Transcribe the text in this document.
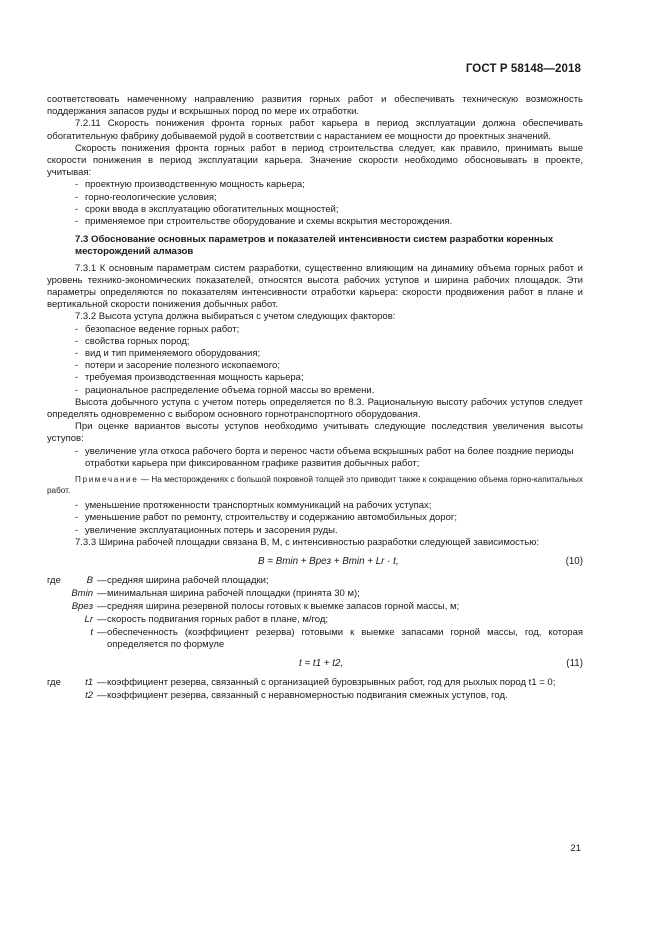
ГОСТ Р 58148—2018

соответствовать намеченному направлению развития горных работ и обеспечивать техническую возможность поддержания запасов руды и вскрышных пород по мере их отработки.

7.2.11 Скорость понижения фронта горных работ карьера в период эксплуатации должна обеспечивать обогатительную фабрику добываемой рудой в соответствии с нарастанием ее мощности до проектных значений.

Скорость понижения фронта горных работ в период строительства следует, как правило, принимать выше скорости понижения в период эксплуатации карьера. Значение скорости необходимо обосновывать в проекте, учитывая:

- проектную производственную мощность карьера;
- горно-геологические условия;
- сроки ввода в эксплуатацию обогатительных мощностей;
- применяемое при строительстве оборудование и схемы вскрытия месторождения.
7.3 Обоснование основных параметров и показателей интенсивности систем разработки коренных месторождений алмазов

7.3.1 К основным параметрам систем разработки, существенно влияющим на динамику объема горных работ и уровень технико-экономических показателей, относятся высота рабочих уступов и ширина рабочих площадок. Эти параметры определяются по показателям интенсивности отработки карьера: скорости продвижения работ в плане и вертикальной скорости понижения добычных работ.

7.3.2 Высота уступа должна выбираться с учетом следующих факторов:

- безопасное ведение горных работ;
- свойства горных пород;
- вид и тип применяемого оборудования;
- потери и засорение полезного ископаемого;
- требуемая производственная мощность карьера;
- рациональное распределение объема горной массы во времени.

Высота добычного уступа с учетом потерь определяется по 8.3. Рациональную высоту рабочих уступов следует определять одновременно с выбором основного горнотранспортного оборудования.

При оценке вариантов высоты уступов необходимо учитывать следующие последствия увеличения высоты уступов:

- увеличение угла откоса рабочего борта и перенос части объема вскрышных работ на более поздние периоды отработки карьера при фиксированном графике развития добычных работ;

Примечание — На месторождениях с большой покровной толщей это приводит также к сокращению объема горно-капитальных работ.

- уменьшение протяженности транспортных коммуникаций на рабочих уступах;
- уменьшение работ по ремонту, строительству и содержанию автомобильных дорог;
- увеличение эксплуатационных потерь и засорения руды.

7.3.3 Ширина рабочей площадки связана В, М, с интенсивностью разработки следующей зависимостью:

B = Bmin + Bрез + Bmin + Lr · t,	(10)
где	B — средняя ширина рабочей площадки;
Bmin — минимальная ширина рабочей площадки (принята 30 м);
Bрез — средняя ширина резервной полосы готовых к выемке запасов горной массы, м;
Lr — скорость подвигания горных работ в плане, м/год;
t — обеспеченность (коэффициент резерва) готовыми к выемке запасами горной массы, год, которая определяется по формуле
t = t1 + t2,	(11)
где	t1 — коэффициент резерва, связанный с организацией буровзрывных работ, год для рыхлых пород t1 = 0;
t2 — коэффициент резерва, связанный с неравномерностью подвигания смежных уступов, год.
21
